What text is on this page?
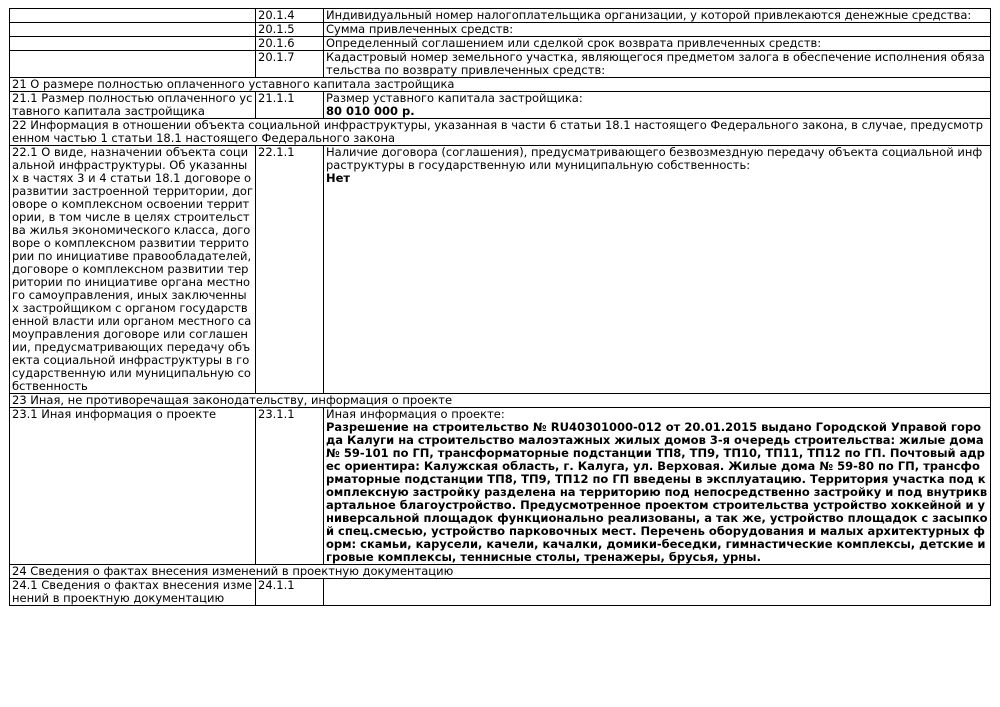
	20.1.4	Индивидуальный номер налогоплательщика организации, у которой привлекаются денежные средства:
	20.1.5	Сумма привлеченных средств:
	20.1.6	Определенный соглашением или сделкой срок возврата привлеченных средств:
	20.1.7	Кадастровый номер земельного участка, являющегося предметом залога в обеспечение исполнения обязательства по возврату привлеченных средств:
21 О размере полностью оплаченного уставного капитала застройщика		
21.1 Размер полностью оплаченного уставного капитала застройщика	21.1.1	Размер уставного капитала застройщика:
80 010 000 р.

22 Информация в отношении объекта социальной инфраструктуры, указанная в части 6 статьи 18.1 настоящего Федерального закона, в случае, предусмотренном частью 1 статьи 18.1 настоящего Федерального закона		
22.1 О виде, назначении объекта социальной инфраструктуры. Об указанных в частях 3 и 4 статьи 18.1 договоре о развитии застроенной территории, договоре о комплексном освоении территории, в том числе в целях строительства жилья экономического класса, договоре о комплексном развитии территории по инициативе правообладателей, договоре о комплексном развитии территории по инициативе органа местного самоуправления, иных заключенных застройщиком с органом государственной власти или органом местного самоуправления договоре или соглашении, предусматривающих передачу объекта социальной инфраструктуры в государственную или муниципальную собственность	22.1.1	Наличие договора (соглашения), предусматривающего безвозмездную передачу объекта социальной инфраструктуры в государственную или муниципальную собственность:
Нет

23 Иная, не противоречащая законодательству, информация о проекте		
23.1 Иная информация о проекте	23.1.1	Иная информация о проекте:
Разрешение на строительство № RU40301000-012 от 20.01.2015 выдано Городской Управой города Калуги на строительство малоэтажных жилых домов 3-я очередь строительства: жилые дома № 59-101 по ГП, трансформаторные подстанции ТП8, ТП9, ТП10, ТП11, ТП12 по ГП. Почтовый адрес ориентира: Калужская область, г. Калуга, ул. Верховая. Жилые дома № 59-80 по ГП, трансформаторные подстанции ТП8, ТП9, ТП12 по ГП введены в эксплуатацию. Территория участка под комплексную застройку разделена на территорию под непосредственно застройку и под внутриквартальное благоустройство. Предусмотренное проектом строительства устройство хоккейной и универсальной площадок функционально реализованы, а так же, устройство площадок с засыпкой спец.смесью, устройство парковочных мест. Перечень оборудования и малых архитектурных форм: скамьи, карусели, качели, качалки, домики-беседки, гимнастические комплексы, детские игровые комплексы, теннисные столы, тренажеры, брусья, урны.

24 Сведения о фактах внесения изменений в проектную документацию		
24.1 Сведения о фактах внесения изменений в проектную документацию	24.1.1	
